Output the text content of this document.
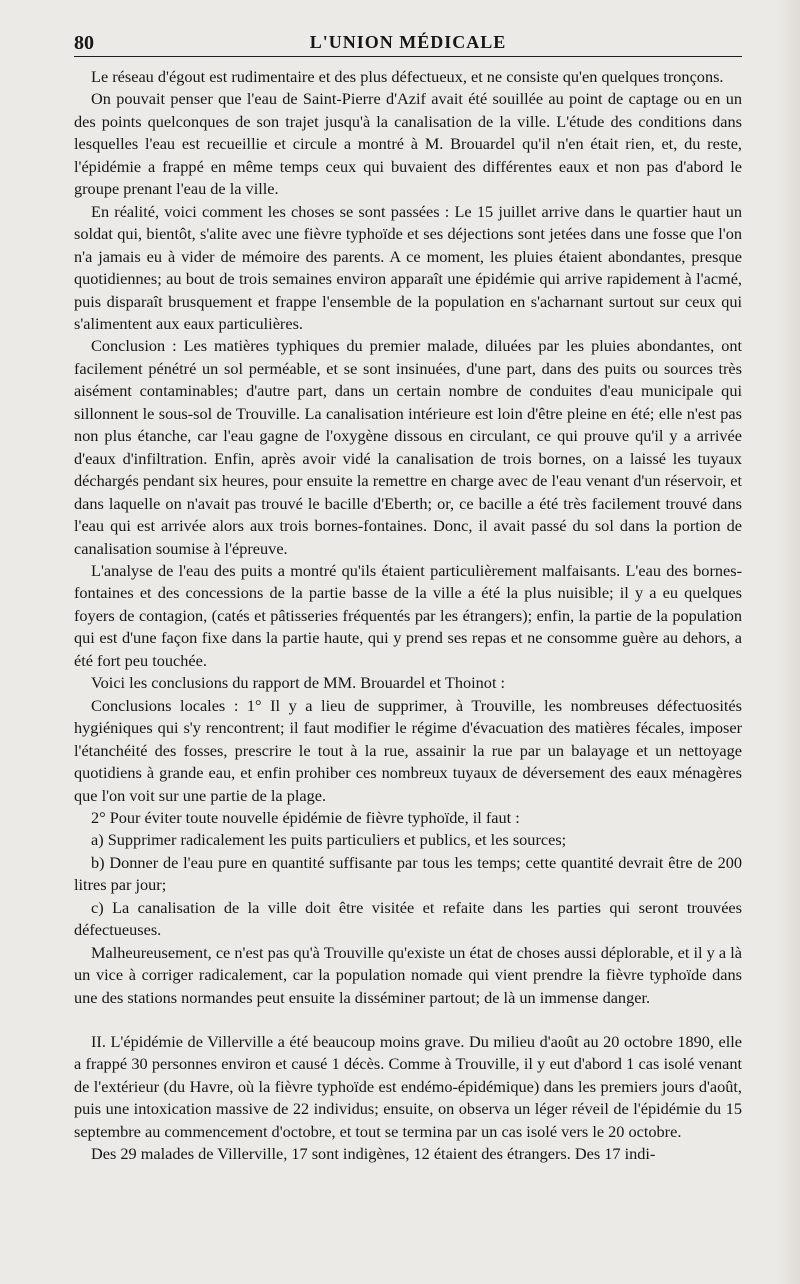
80	L'UNION MÉDICALE

Le réseau d'égout est rudimentaire et des plus défectueux, et ne consiste qu'en quelques tronçons.

On pouvait penser que l'eau de Saint-Pierre d'Azif avait été souillée au point de captage ou en un des points quelconques de son trajet jusqu'à la canalisation de la ville. L'étude des conditions dans lesquelles l'eau est recueillie et circule a montré à M. Brouardel qu'il n'en était rien, et, du reste, l'épidémie a frappé en même temps ceux qui buvaient des différentes eaux et non pas d'abord le groupe prenant l'eau de la ville.

En réalité, voici comment les choses se sont passées : Le 15 juillet arrive dans le quartier haut un soldat qui, bientôt, s'alite avec une fièvre typhoïde et ses déjections sont jetées dans une fosse que l'on n'a jamais eu à vider de mémoire des parents. A ce moment, les pluies étaient abondantes, presque quotidiennes; au bout de trois semaines environ apparaît une épidémie qui arrive rapidement à l'acmé, puis disparaît brusquement et frappe l'ensemble de la population en s'acharnant surtout sur ceux qui s'alimentent aux eaux particulières.

Conclusion : Les matières typhiques du premier malade, diluées par les pluies abondantes, ont facilement pénétré un sol perméable, et se sont insinuées, d'une part, dans des puits ou sources très aisément contaminables; d'autre part, dans un certain nombre de conduites d'eau municipale qui sillonnent le sous-sol de Trouville. La canalisation intérieure est loin d'être pleine en été; elle n'est pas non plus étanche, car l'eau gagne de l'oxygène dissous en circulant, ce qui prouve qu'il y a arrivée d'eaux d'infiltration. Enfin, après avoir vidé la canalisation de trois bornes, on a laissé les tuyaux déchargés pendant six heures, pour ensuite la remettre en charge avec de l'eau venant d'un réservoir, et dans laquelle on n'avait pas trouvé le bacille d'Eberth; or, ce bacille a été très facilement trouvé dans l'eau qui est arrivée alors aux trois bornes-fontaines. Donc, il avait passé du sol dans la portion de canalisation soumise à l'épreuve.

L'analyse de l'eau des puits a montré qu'ils étaient particulièrement malfaisants. L'eau des bornes-fontaines et des concessions de la partie basse de la ville a été la plus nuisible; il y a eu quelques foyers de contagion, (catés et pâtisseries fréquentés par les étrangers); enfin, la partie de la population qui est d'une façon fixe dans la partie haute, qui y prend ses repas et ne consomme guère au dehors, a été fort peu touchée.

Voici les conclusions du rapport de MM. Brouardel et Thoinot :

Conclusions locales : 1° Il y a lieu de supprimer, à Trouville, les nombreuses défectuosités hygiéniques qui s'y rencontrent; il faut modifier le régime d'évacuation des matières fécales, imposer l'étanchéité des fosses, prescrire le tout à la rue, assainir la rue par un balayage et un nettoyage quotidiens à grande eau, et enfin prohiber ces nombreux tuyaux de déversement des eaux ménagères que l'on voit sur une partie de la plage.

2° Pour éviter toute nouvelle épidémie de fièvre typhoïde, il faut :

a) Supprimer radicalement les puits particuliers et publics, et les sources;

b) Donner de l'eau pure en quantité suffisante par tous les temps; cette quantité devrait être de 200 litres par jour;

c) La canalisation de la ville doit être visitée et refaite dans les parties qui seront trouvées défectueuses.

Malheureusement, ce n'est pas qu'à Trouville qu'existe un état de choses aussi déplorable, et il y a là un vice à corriger radicalement, car la population nomade qui vient prendre la fièvre typhoïde dans une des stations normandes peut ensuite la disséminer partout; de là un immense danger.

II. L'épidémie de Villerville a été beaucoup moins grave. Du milieu d'août au 20 octobre 1890, elle a frappé 30 personnes environ et causé 1 décès. Comme à Trouville, il y eut d'abord 1 cas isolé venant de l'extérieur (du Havre, où la fièvre typhoïde est endémo-épidémique) dans les premiers jours d'août, puis une intoxication massive de 22 individus; ensuite, on observa un léger réveil de l'épidémie du 15 septembre au commencement d'octobre, et tout se termina par un cas isolé vers le 20 octobre.

Des 29 malades de Villerville, 17 sont indigènes, 12 étaient des étrangers. Des 17 indi-
